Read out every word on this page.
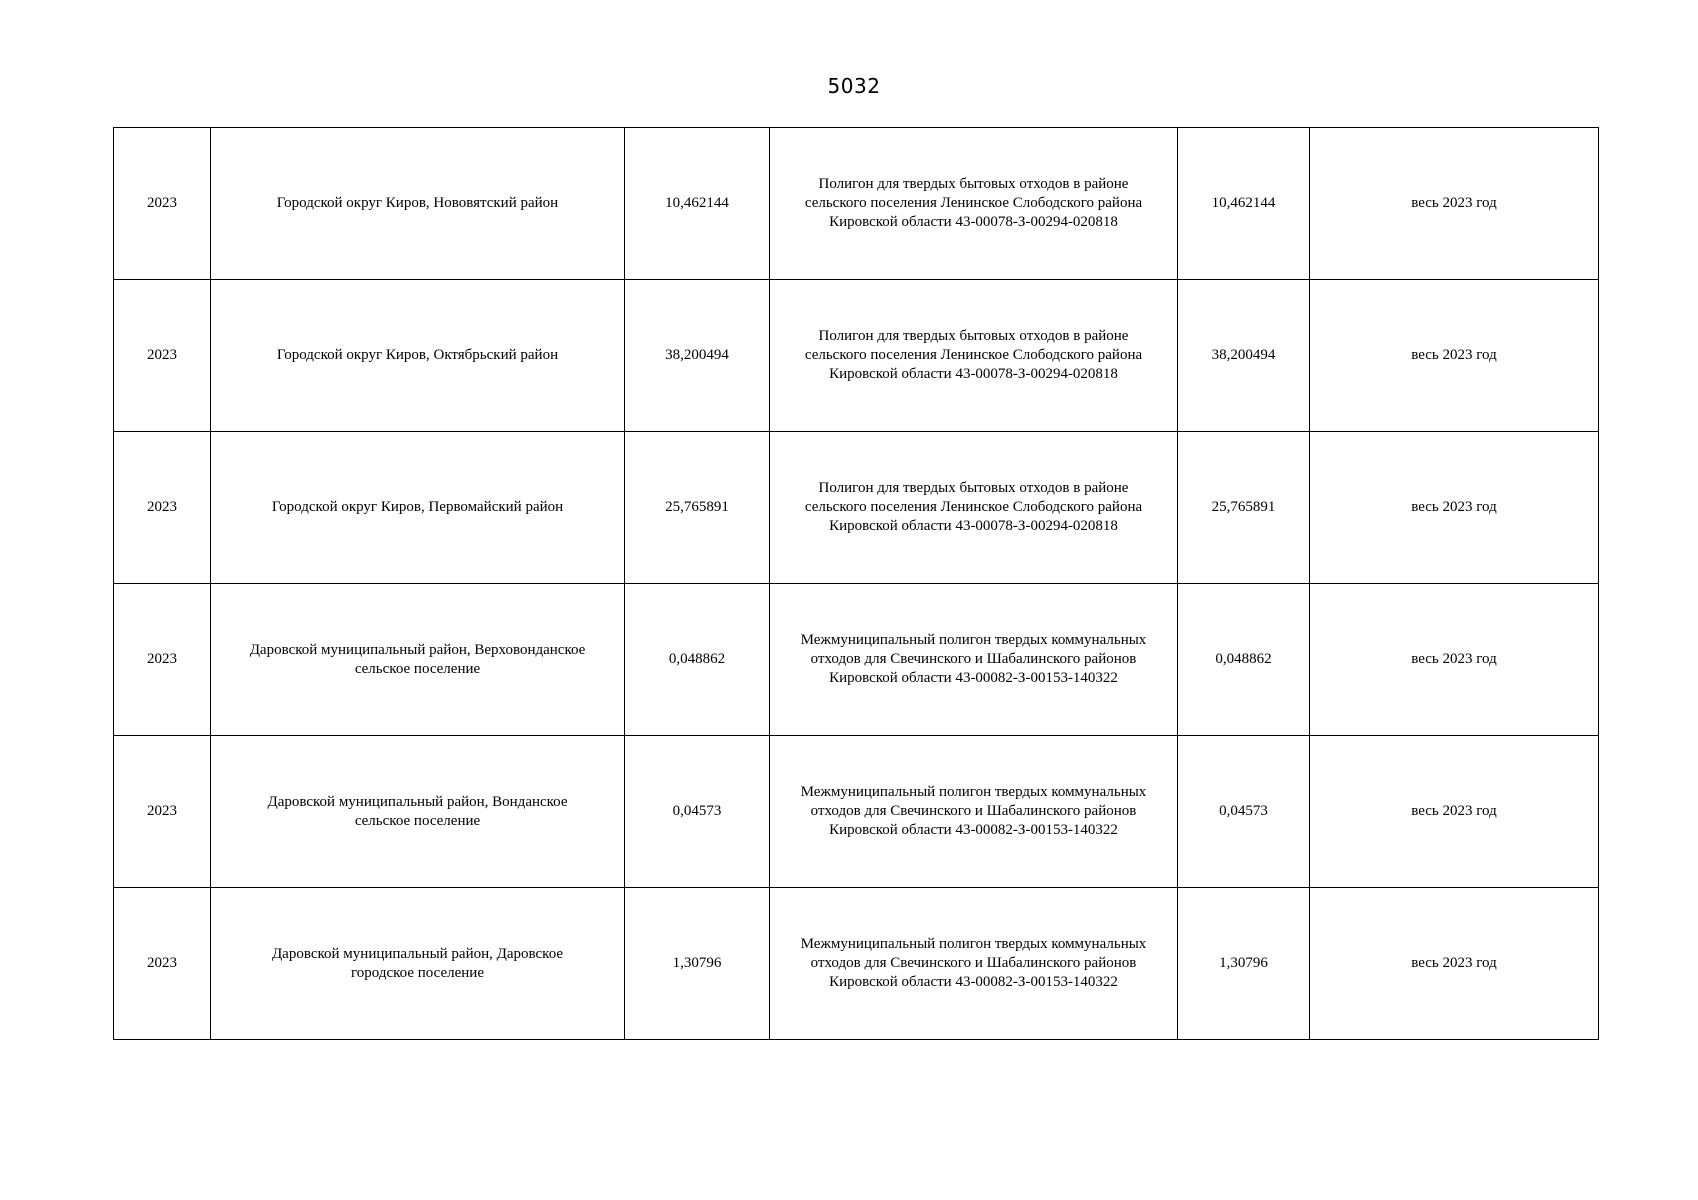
5032
2023	Городской округ Киров, Нововятский район	10,462144	Полигон для твердых бытовых отходов в районе
сельского поселения Ленинское Слободского района
Кировской области 43-00078-З-00294-020818	10,462144	весь 2023 год
2023	Городской округ Киров, Октябрьский район	38,200494	Полигон для твердых бытовых отходов в районе
сельского поселения Ленинское Слободского района
Кировской области 43-00078-З-00294-020818	38,200494	весь 2023 год
2023	Городской округ Киров, Первомайский район	25,765891	Полигон для твердых бытовых отходов в районе
сельского поселения Ленинское Слободского района
Кировской области 43-00078-З-00294-020818	25,765891	весь 2023 год
2023	Даровской муниципальный район, Верховонданское
сельское поселение	0,048862	Межмуниципальный полигон твердых коммунальных
отходов для Свечинского и Шабалинского районов
Кировской области 43-00082-З-00153-140322	0,048862	весь 2023 год
2023	Даровской муниципальный район, Вонданское
сельское поселение	0,04573	Межмуниципальный полигон твердых коммунальных
отходов для Свечинского и Шабалинского районов
Кировской области 43-00082-З-00153-140322	0,04573	весь 2023 год
2023	Даровской муниципальный район, Даровское
городское поселение	1,30796	Межмуниципальный полигон твердых коммунальных
отходов для Свечинского и Шабалинского районов
Кировской области 43-00082-З-00153-140322	1,30796	весь 2023 год
